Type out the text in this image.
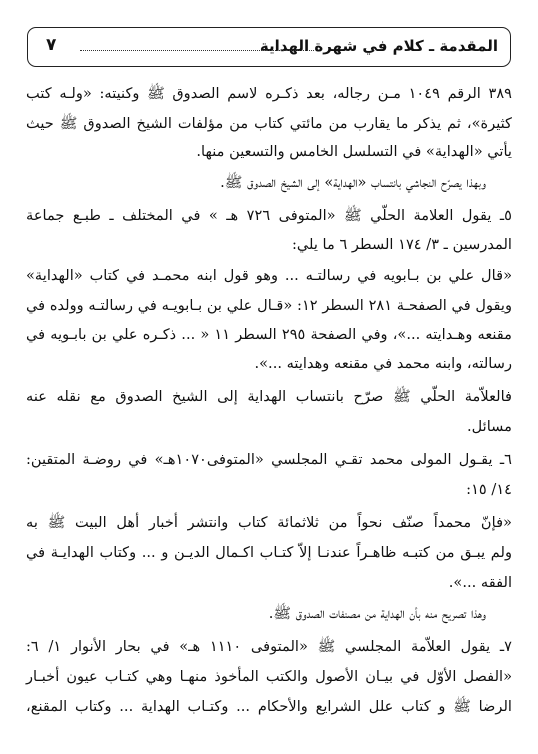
المقدمة ـ كلام في شهرة الهداية
٧
٣٨٩ الرقم ١٠٤٩ مـن رجاله، بعد ذكـره لاسم الصدوق ﷺ وكنيته: «ولـه كتب
كثيرة»، ثم يذكر ما يقارب من مائتي كتاب من مؤلفات الشيخ الصدوق ﷺ حيث
يأتي «الهداية» في التسلسل الخامس والتسعين منها.
وبهذا يصرّح النجاشي بانتساب «الهداية» إلى الشيخ الصدوق ﷺ.
٥ـ يقول العلامة الحلّي ﷺ «المتوفى ٧٢٦ هـ » في المختلف ـ طبـع جماعة
المدرسين ـ ٣/ ١٧٤ السطر ٦ ما يلي:
«قال علي بن بـابويه في رسالتـه ... وهو قول ابنه محمـد في كتاب «الهداية»
ويقول في الصفحـة ٢٨١ السطر ١٢: «قـال علي بن بـابويـه في رسالتـه وولده في
مقنعه وهـدايته ...»، وفي الصفحة ٢٩٥ السطر ١١ « ... ذكـره علي بن بابـويه في
رسالته، وابنه محمد في مقنعه وهدايته ...».
فالعلاّمة الحلّي ﷺ صرّح بانتساب الهداية إلى الشيخ الصدوق مع نقله عنه
مسائل.
٦ـ يقـول المولى محمد تقـي المجلسي «المتوفى١٠٧٠هـ» في روضـة المتقين:
١٤/ ١٥:
«فإنّ محمداً صنّف نحواً من ثلاثمائة كتاب وانتشر أخبار أهل البيت ﷺ به
ولم يبـق من كتبـه ظاهـراً عندنـا إلاّ كتـاب اكـمال الديـن و ... وكتاب الهدايـة في
الفقه ...».
وهذا تصريح منه بأن الهداية من مصنفات الصدوق ﷺ.
٧ـ يقول العلاّمة المجلسي ﷺ «المتوفى ١١١٠ هـ» في بحار الأنوار ١/ ٦:
«الفصل الأوّل في بيـان الأصول والكتب المأخوذ منهـا وهي كتـاب عيون أخبـار
الرضا ﷺ و كتاب علل الشرايع والأحكام ... وكتـاب الهداية ... وكتاب المقنع،
